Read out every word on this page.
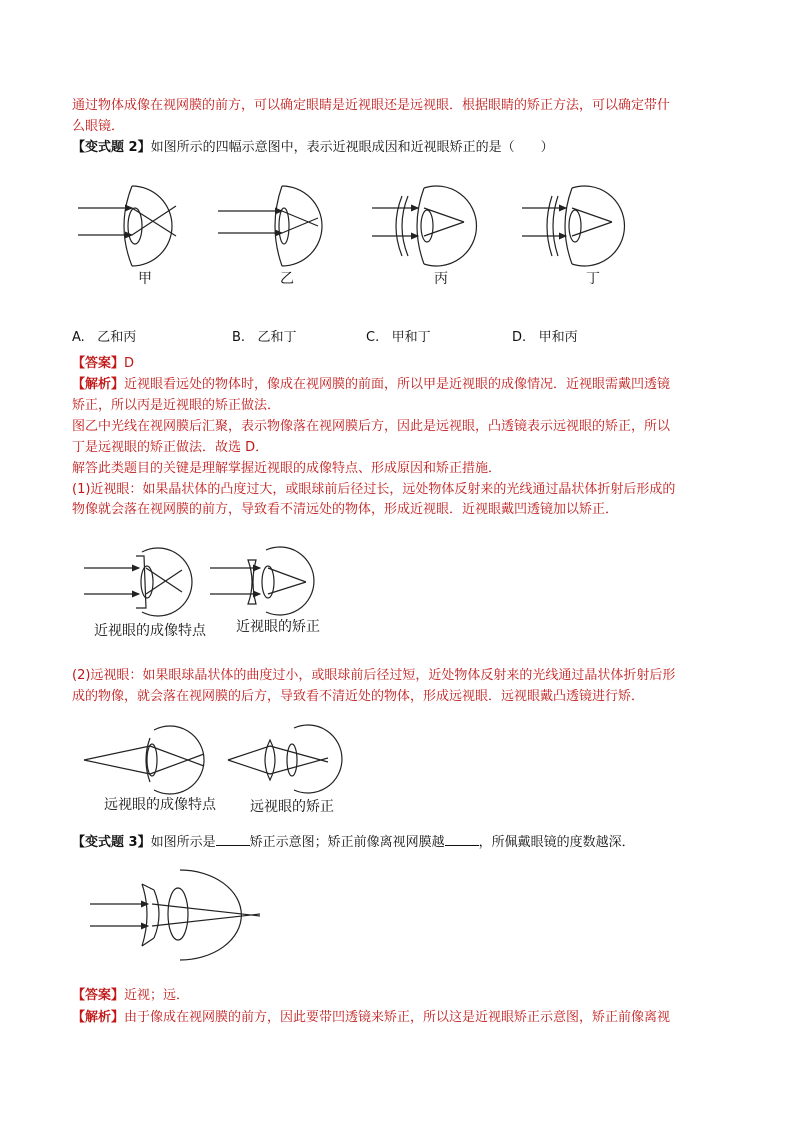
通过物体成像在视网膜的前方，可以确定眼睛是近视眼还是远视眼．根据眼睛的矫正方法，可以确定带什
么眼镜．
【变式题 2】如图所示的四幅示意图中，表示近视眼成因和近视眼矫正的是（　　）
甲	乙	丙	丁
A. 乙和丙	B. 乙和丁	C. 甲和丁	D. 甲和丙
【答案】D
【解析】近视眼看远处的物体时，像成在视网膜的前面，所以甲是近视眼的成像情况．近视眼需戴凹透镜
矫正，所以丙是近视眼的矫正做法．
图乙中光线在视网膜后汇聚，表示物像落在视网膜后方，因此是远视眼，凸透镜表示远视眼的矫正，所以
丁是远视眼的矫正做法．故选 D．
解答此类题目的关键是理解掌握近视眼的成像特点、形成原因和矫正措施．
(1)近视眼：如果晶状体的凸度过大，或眼球前后径过长，远处物体反射来的光线通过晶状体折射后形成的
物像就会落在视网膜的前方，导致看不清远处的物体，形成近视眼．近视眼戴凹透镜加以矫正．
近视眼的成像特点 近视眼的矫正
(2)远视眼：如果眼球晶状体的曲度过小，或眼球前后径过短，近处物体反射来的光线通过晶状体折射后形
成的物像，就会落在视网膜的后方，导致看不清近处的物体，形成远视眼．远视眼戴凸透镜进行矫．
远视眼的成像特点 远视眼的矫正
【变式题 3】如图所示是	矫正示意图；矫正前像离视网膜越	，所佩戴眼镜的度数越深．
【答案】近视；远．
【解析】由于像成在视网膜的前方，因此要带凹透镜来矫正，所以这是近视眼矫正示意图，矫正前像离视
